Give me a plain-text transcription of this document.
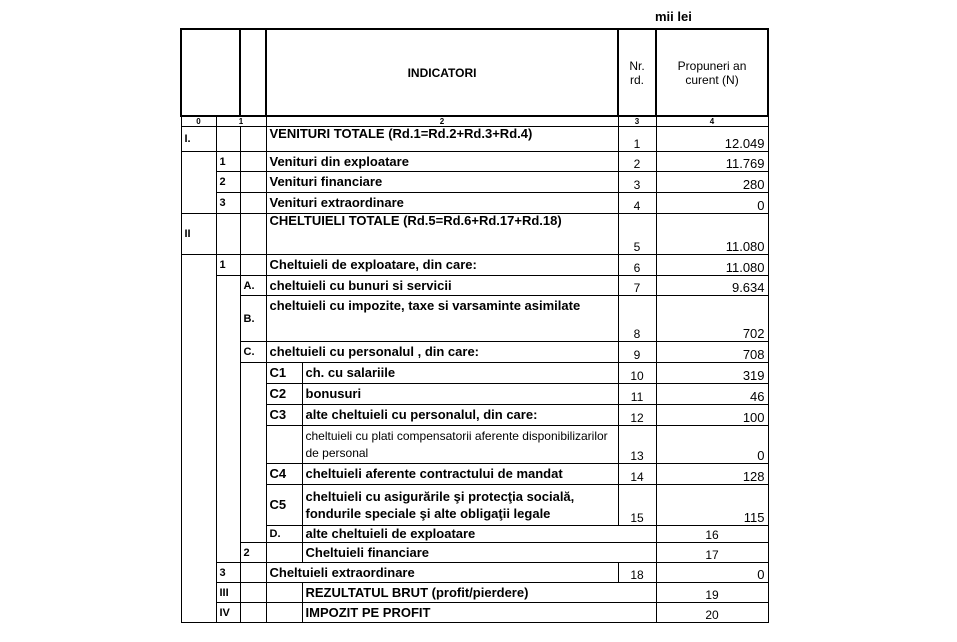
mii lei
			INDICATORI		Nr. rd.	Propuneri an curent (N)	
0	1		2		3	4	
I.			VENITURI TOTALE (Rd.1=Rd.2+Rd.3+Rd.4)		1	12.049	
	1		Venituri din exploatare		2	11.769	
	2		Venituri financiare		3	280	
	3		Venituri extraordinare		4	0	
II			CHELTUIELI TOTALE (Rd.5=Rd.6+Rd.17+Rd.18)		5	11.080	
	1		Cheltuieli de exploatare, din care:		6	11.080	
		A.	cheltuieli cu bunuri si servicii		7	9.634	
		B.	cheltuieli cu impozite, taxe si varsaminte asimilate		8	702	
		C.	cheltuieli cu personalul , din care:		9	708	
			C1	ch. cu salariile	10	319	
			C2	bonusuri	11	46	
			C3	alte cheltuieli cu personalul, din care:	12	100	
				cheltuieli cu plati compensatorii aferente disponibilizarilor de personal	13	0	
			C4	cheltuieli aferente contractului de mandat	14	128	
			C5	cheltuieli cu asigurările şi protecţia socială, fondurile speciale şi alte obligaţii legale	15	115	
			D.	alte cheltuieli de exploatare		16	
		2		Cheltuieli financiare		17	
	3		Cheltuieli extraordinare		18	0	
	III			REZULTATUL BRUT (profit/pierdere)		19	
	IV			IMPOZIT PE PROFIT		20	
